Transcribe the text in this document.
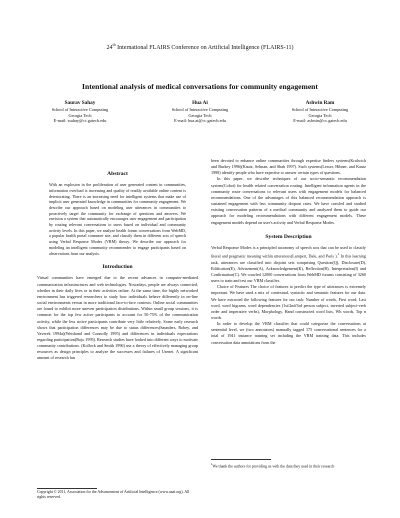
24th International FLAIRS Conference on Artificial Intelligence (FLAIRS-11)
Intentional analysis of medical conversations for community engagement
Saurav Sahay
School of Interactive Computing
Georgia Tech
E-mail: ssahay@cc.gatech.edu
Hua Ai
School of Interactive Computing
Georgia Tech
E-mail: hua.ai@cc.gatech.edu
Ashwin Ram
School of Interactive Computing
Georgia Tech
E-mail: ashwin@cc.gatech.edu
Abstract

With an explosion in the proliferation of user generated content in communities, information overload is increasing and quality of readily available online content is deteriorating. There is an increasing need for intelligent systems that make use of implicit user generated knowledge in communities for community engagement. We describe our approach based on modeling user utterances in communities to proactively target the community for exchange of questions and answers. We envision a system that automatically encourages user engagement and participation by routing relevant conversations to users based on individual and community activity levels. In this paper, we analyze health forum conversations from WebMD, a popular health portal consumer site, and classify them in different acts of speech using Verbal Response Modes (VRM) theory. We describe our approach for modeling an intelligent community recommender to engage participants based on observations from our analysis.

Introduction

Virtual communities have emerged due to the recent advances in computer-mediated communication infrastructures and web technologies. Nowadays, people are always connected, whether in their daily lives or in their activities online. At the same time, the highly networked environment has triggered researchers to study how individuals behave differently in on-line social environments versus in more traditional face-to-face contexts. Online social communities are found to exhibit more uneven participation distributions. Within small group sessions, it is common for the top few active participants to account for 50-75% of the communication activity, while the less active participants contribute very little relatively. Some early research shows that participation differences may be due to status differences(Saunders, Robey, and Vaverek 1994a)(Weisband and Connolly 1995) and differences in individuals expectations regarding participation(Rojo 1995). Research studies have looked into different ways to motivate community contributions. (Kollock and Smith 1996) use a theory of effectively managing group resources as design principles to analyze the successes and failures of Usenet. A significant amount of research has

Copyright © 2011, Association for the Advancement of Artificial Intelligence (www.aaai.org). All rights reserved.

been devoted to enhance online communities through expertise finders systems(Krulwich and Burkey 1996)(Kautz, Selman, and Shah 1997). Such systems(Lesser, Hibner, and Kautz 1998) identify people who have expertise to answer certain types of questions.

In this paper, we describe techniques of our socio-semantic recommendation system(Cobot) for health related conversation routing. Intelligent information agents in the community route conversations to relevant users with engagement models for balanced recommendations. One of the advantages of this balanced recommendation approach is sustained engagement with less community dropout rates. We have crawled and studied existing conversation patterns of a medical community and analyzed them to guide our approach for modeling recommendations with different engagement models. These engagement models depend on user's activity and Verbal Response Modes.

System Description

Verbal Response Modes is a principled taxonomy of speech acts that can be used to classify literal and pragmatic meaning within utterances(Lampert, Dale, and Paris ).$^1$ In this learning task, utterances are classified into disjoint sets comprising Question(Q), Disclosure(D), Edification(E), Advisement(A), Acknowledgement(K), Reflection(R), Interpretation(I) and Confirmation(C). We crawled 12000 conversations from WebMD forums consisting of 3260 users to train and test our VRM classifier.

Choice of Features The choice of features to predict the type of utterances is extremely important. We have used a mix of contextual, syntactic and semantic features for our data. We have extracted the following features for our task: Number of words, First word, Last word, word bigrams, word dependencies (1st/2nd/3rd person subject, inverted subject-verb order and imperative verbs), Morphology, Hand constructed word lists, Wh words, Top n words.

In order to develop the VRM classifier that could categorize the conversations at sentential level, we (two annotators) manually tagged 175 conversational sentences for a total of 1941 instance training set including the VRM training data. This includes conversation data annotations from the

$^1$We thank the authors for providing us with the data they used in their research
